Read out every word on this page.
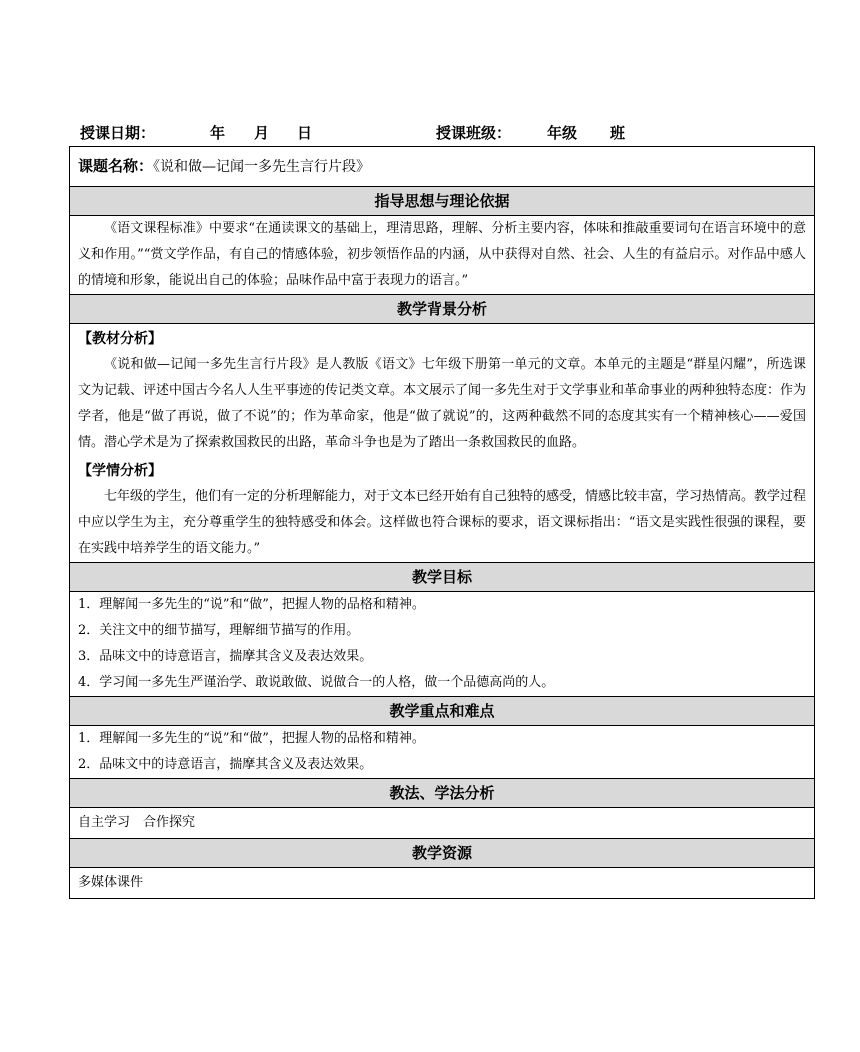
授课日期：	年 月 日	授课班级： 年级 班
课题名称：《说和做—记闻一多先生言行片段》
指导思想与理论依据

《语文课程标准》中要求“在通读课文的基础上，理清思路，理解、分析主要内容，体味和推敲重要词句在语言环境中的意义和作用。”“赏文学作品，有自己的情感体验，初步领悟作品的内涵，从中获得对自然、社会、人生的有益启示。对作品中感人的情境和形象，能说出自己的体验；品味作品中富于表现力的语言。”

教学背景分析

【教材分析】

《说和做—记闻一多先生言行片段》是人教版《语文》七年级下册第一单元的文章。本单元的主题是“群星闪耀”，所选课文为记载、评述中国古今名人人生平事迹的传记类文章。本文展示了闻一多先生对于文学事业和革命事业的两种独特态度：作为学者，他是“做了再说，做了不说”的；作为革命家，他是“做了就说”的，这两种截然不同的态度其实有一个精神核心——爱国情。潜心学术是为了探索救国救民的出路，革命斗争也是为了踏出一条救国救民的血路。

【学情分析】

七年级的学生，他们有一定的分析理解能力，对于文本已经开始有自己独特的感受，情感比较丰富，学习热情高。教学过程中应以学生为主，充分尊重学生的独特感受和体会。这样做也符合课标的要求，语文课标指出：“语文是实践性很强的课程，要在实践中培养学生的语文能力。”

教学目标

1．理解闻一多先生的“说”和“做”，把握人物的品格和精神。

2．关注文中的细节描写，理解细节描写的作用。

3．品味文中的诗意语言，揣摩其含义及表达效果。

4．学习闻一多先生严谨治学、敢说敢做、说做合一的人格，做一个品德高尚的人。

教学重点和难点

1．理解闻一多先生的“说”和“做”，把握人物的品格和精神。

2．品味文中的诗意语言，揣摩其含义及表达效果。

教法、学法分析
自主学习　合作探究
教学资源
多媒体课件
